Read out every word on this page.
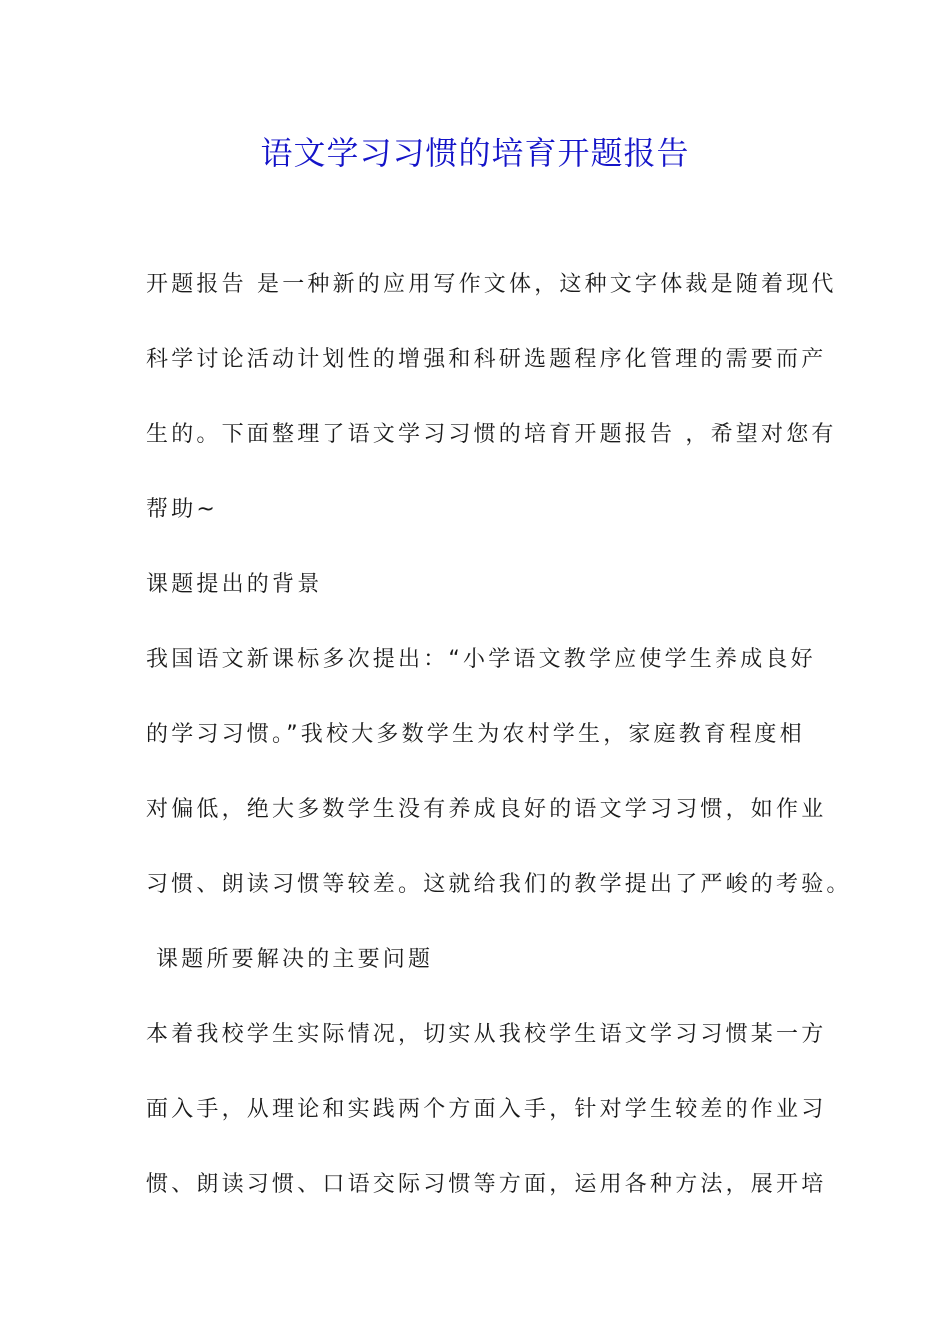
语文学习习惯的培育开题报告
开题报告 是一种新的应用写作文体，这种文字体裁是随着现代
科学讨论活动计划性的增强和科研选题程序化管理的需要而产
生的。下面整理了语文学习习惯的培育开题报告 ，希望对您有
帮助~
课题提出的背景
我国语文新课标多次提出：“小学语文教学应使学生养成良好
的学习习惯。”我校大多数学生为农村学生，家庭教育程度相
对偏低，绝大多数学生没有养成良好的语文学习习惯，如作业
习惯、朗读习惯等较差。这就给我们的教学提出了严峻的考验。
课题所要解决的主要问题
本着我校学生实际情况，切实从我校学生语文学习习惯某一方
面入手，从理论和实践两个方面入手，针对学生较差的作业习
惯、朗读习惯、口语交际习惯等方面，运用各种方法，展开培
